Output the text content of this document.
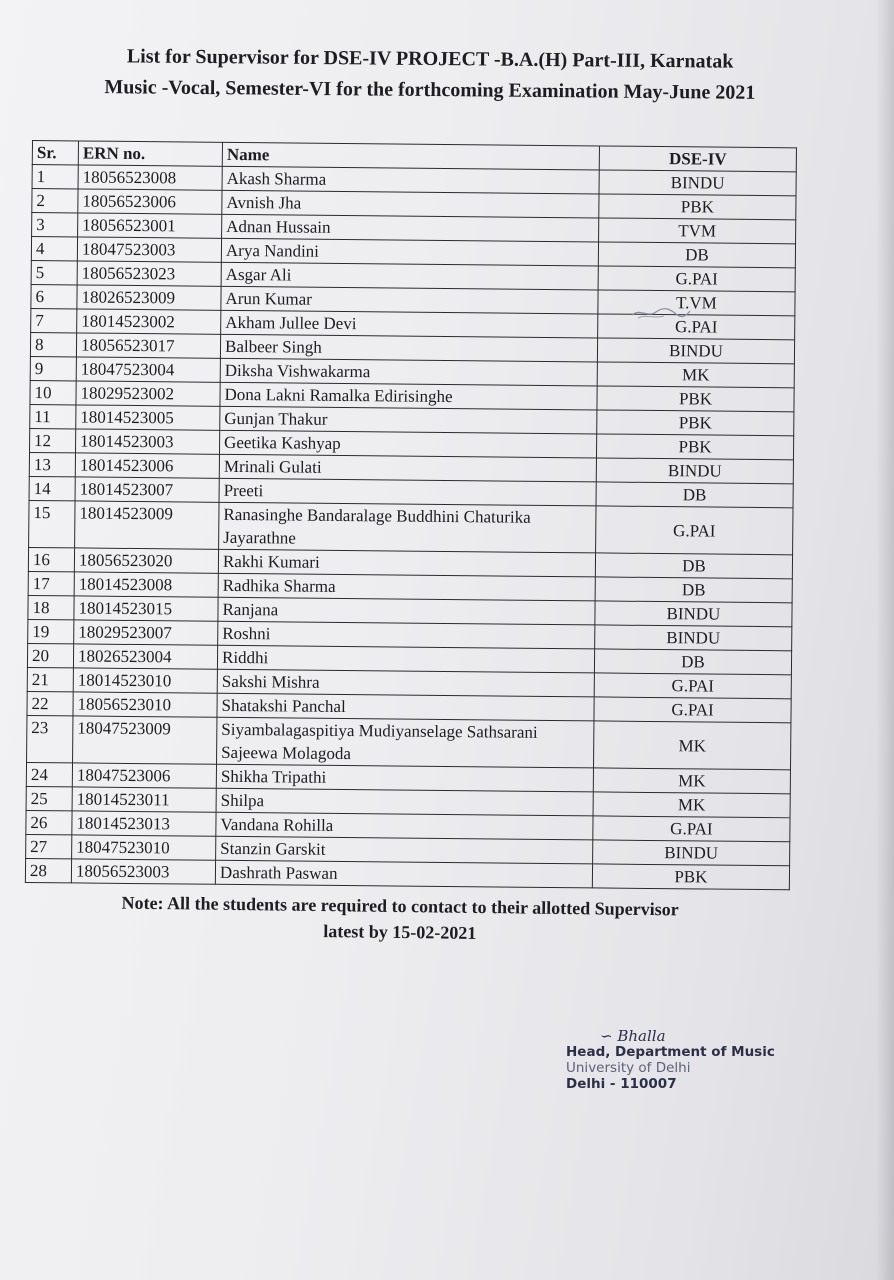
List for Supervisor for DSE-IV PROJECT -B.A.(H) Part-III, Karnatak
Music -Vocal, Semester-VI for the forthcoming Examination May-June 2021
Sr.	ERN no.	Name	DSE-IV
1	18056523008	Akash Sharma	BINDU
2	18056523006	Avnish Jha	PBK
3	18056523001	Adnan Hussain	TVM
4	18047523003	Arya Nandini	DB
5	18056523023	Asgar Ali	G.PAI
6	18026523009	Arun Kumar	T.VM
7	18014523002	Akham Jullee Devi	G.PAI
8	18056523017	Balbeer Singh	BINDU
9	18047523004	Diksha Vishwakarma	MK
10	18029523002	Dona Lakni Ramalka Edirisinghe	PBK
11	18014523005	Gunjan Thakur	PBK
12	18014523003	Geetika Kashyap	PBK
13	18014523006	Mrinali Gulati	BINDU
14	18014523007	Preeti	DB
15	18014523009	Ranasinghe Bandaralage Buddhini Chaturika Jayarathne	G.PAI
16	18056523020	Rakhi Kumari	DB
17	18014523008	Radhika Sharma	DB
18	18014523015	Ranjana	BINDU
19	18029523007	Roshni	BINDU
20	18026523004	Riddhi	DB
21	18014523010	Sakshi Mishra	G.PAI
22	18056523010	Shatakshi Panchal	G.PAI
23	18047523009	Siyambalagaspitiya Mudiyanselage Sathsarani Sajeewa Molagoda	MK
24	18047523006	Shikha Tripathi	MK
25	18014523011	Shilpa	MK
26	18014523013	Vandana Rohilla	G.PAI
27	18047523010	Stanzin Garskit	BINDU
28	18056523003	Dashrath Paswan	PBK
Note: All the students are required to contact to their allotted Supervisor
latest by 15-02-2021
∽ Bhalla
Head, Department of Music
University of Delhi
Delhi - 110007
